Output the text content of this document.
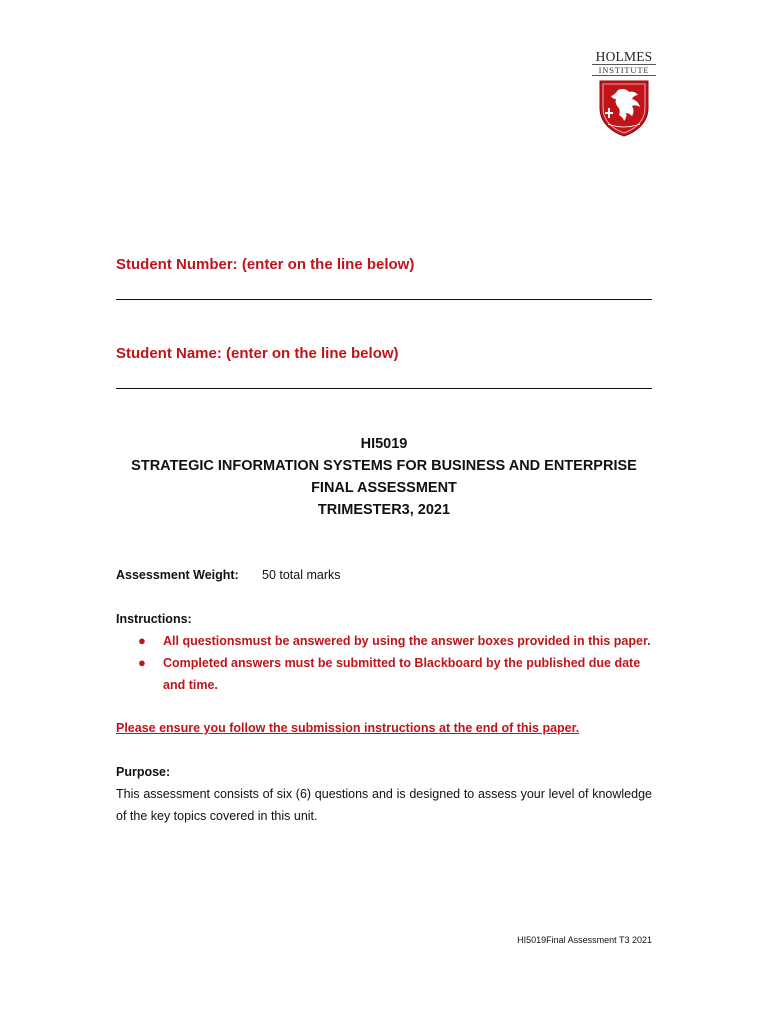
HOLMES
INSTITUTE

Student Number: (enter on the line below)

Student Name: (enter on the line below)

HI5019
STRATEGIC INFORMATION SYSTEMS FOR BUSINESS AND ENTERPRISE
FINAL ASSESSMENT
TRIMESTER3, 2021
Assessment Weight: 50 total marks
Instructions:
● All questionsmust be answered by using the answer boxes provided in this paper.
● Completed answers must be submitted to Blackboard by the published due date and time.
Please ensure you follow the submission instructions at the end of this paper.
Purpose:
This assessment consists of six (6) questions and is designed to assess your level of knowledge of the key topics covered in this unit.
HI5019Final Assessment T3 2021
